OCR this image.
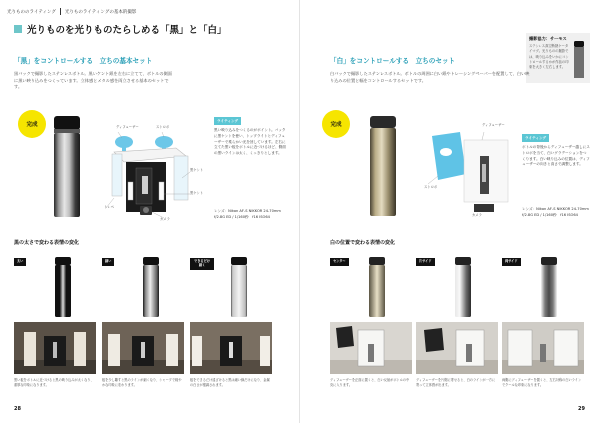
光りもののライティング 光りものライティングの基本的撮影
光りものを光りものたらしめる「黒」と「白」
「黒」をコントロールする　立ちの基本セット
黒バックで撮影したステンレスボトル。黒いケント紙を左右に立てて、ボトルの側面に黒い映り込みをつくっています。立体感とメタル感を両立させる基本のセットです。
完成	ディフューザー	ストロボ
黒ケント
黒ケント
カメラ
トレペ
ライティング
黒い映り込みをつくるのがポイント。バックに黒ケントを使い、トップライトとディフューザーで柔らかい光を回しています。左右に立てた黒い板をボトルに近づけるほど、側面の黒いラインは太く、くっきりとします。
レンズ：Nikon AF-S NIKKOR 24-70mm f/2.8G ED / 1/160秒　f16 ISO64
黒の太さで変わる表情の変化
太い	細い	できるだけ細く
黒い板をボトルに近づけると黒の映り込みが太くなり、重厚な印象になります。
板を少し離すと黒のラインが細くなり、シャープで軽やかな印象に変わります。
板をできるだけ遠ざけると黒は細い線だけになり、金属の白さが強調されます。
28
撮影協力：サーモス
ステンレス真空断熱ケータイマグ。光りものの撮影では、映り込みをいかにコントロールするかが作品の印象を大きく左右します。
「白」をコントロールする　立ちのセット
白バックで撮影したステンレスボトル。ボトルの周囲に白い紙やトレーシングペーパーを配置して、白い映り込みの位置と幅をコントロールするセットです。
完成	ディフューザー
ストロボ
カメラ
ライティング
ボトルの背後からディフューザー越しにストロボを当て、白いグラデーションをつくります。白い映り込みの位置は、ディフューザーの向きと高さで調整します。
レンズ：Nikon AF-S NIKKOR 24-70mm f/2.8G ED / 1/160秒　f16 ISO64
白の位置で変わる表情の変化
センター	片サイド	両サイド
ディフューザーを正面に置くと、白い反射がボトルの中央に入ります。
ディフューザーを片側に寄せると、白のラインが一方に寄って立体感が出ます。
両側にディフューザーを置くと、左右対称の白いラインでクールな印象になります。
29
